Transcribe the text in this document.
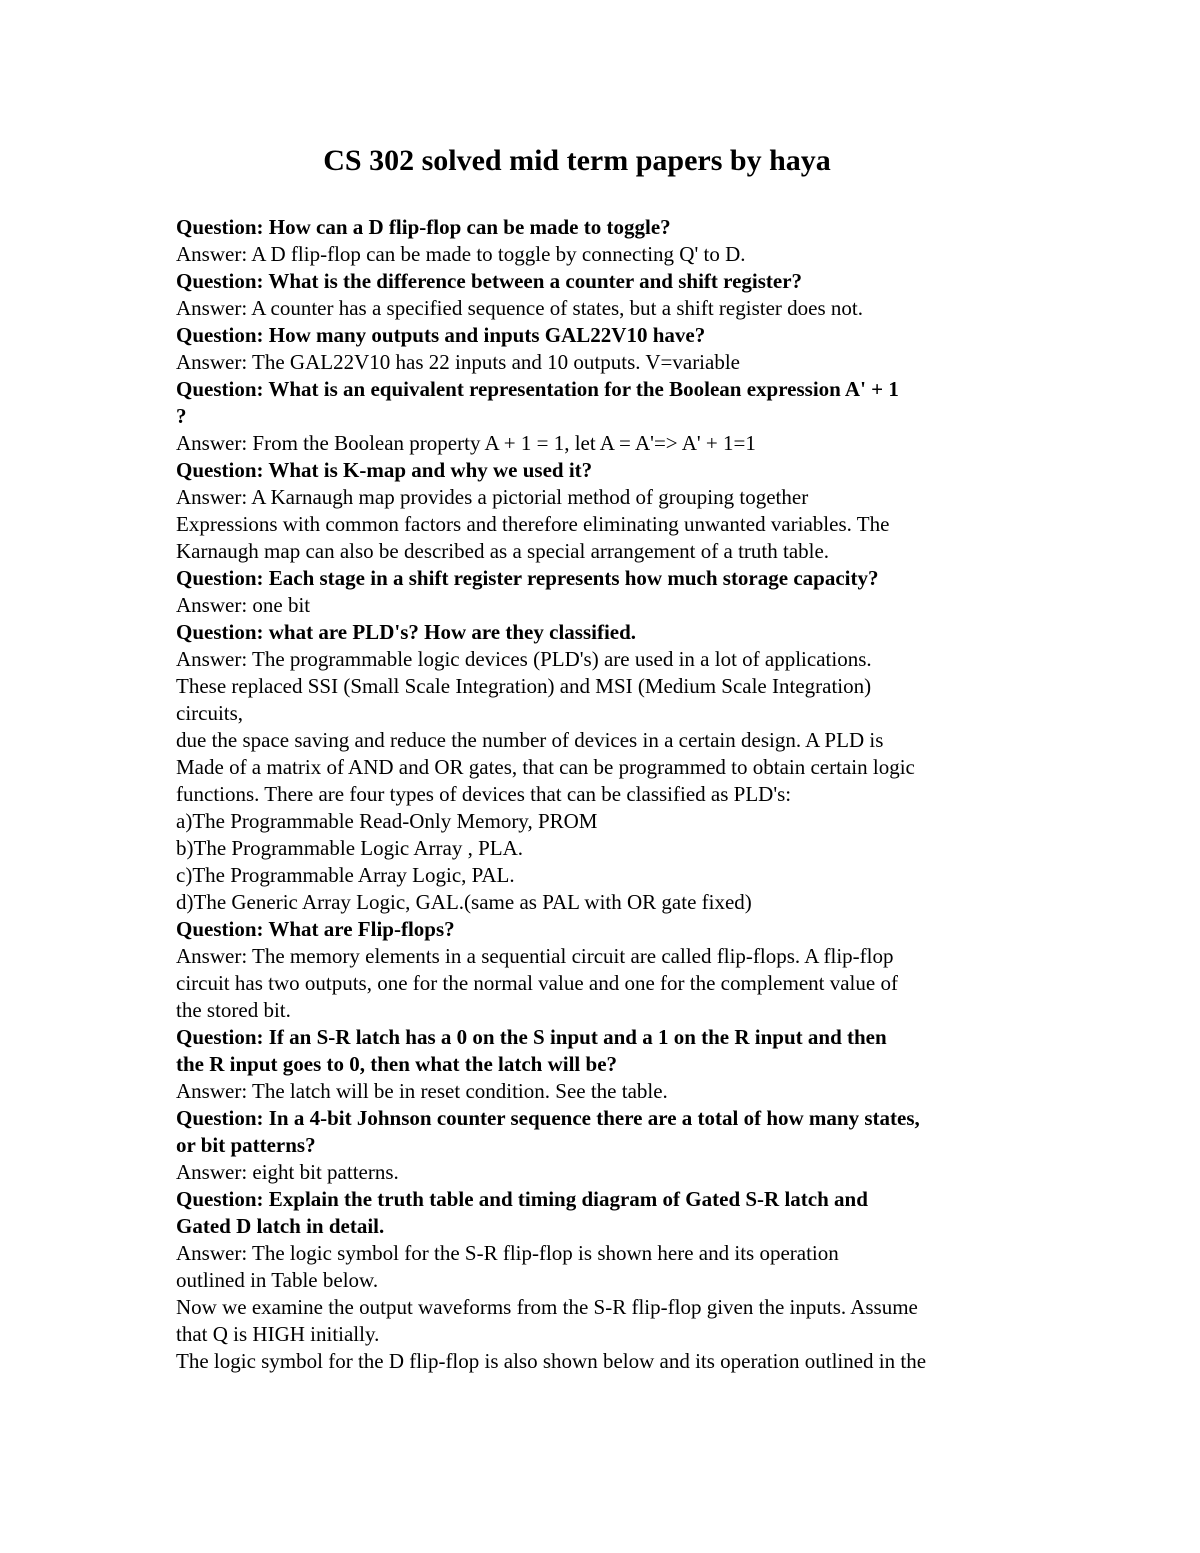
CS 302 solved mid term papers by haya
Question: How can a D flip-flop can be made to toggle?
Answer: A D flip-flop can be made to toggle by connecting Q' to D.
Question: What is the difference between a counter and shift register?
Answer: A counter has a specified sequence of states, but a shift register does not.
Question: How many outputs and inputs GAL22V10 have?
Answer: The GAL22V10 has 22 inputs and 10 outputs. V=variable
Question: What is an equivalent representation for the Boolean expression A' + 1
?
Answer: From the Boolean property A + 1 = 1, let A = A'=> A' + 1=1
Question: What is K-map and why we used it?
Answer: A Karnaugh map provides a pictorial method of grouping together
Expressions with common factors and therefore eliminating unwanted variables. The
Karnaugh map can also be described as a special arrangement of a truth table.
Question: Each stage in a shift register represents how much storage capacity?
Answer: one bit
Question: what are PLD's? How are they classified.
Answer: The programmable logic devices (PLD's) are used in a lot of applications.
These replaced SSI (Small Scale Integration) and MSI (Medium Scale Integration)
circuits,
due the space saving and reduce the number of devices in a certain design. A PLD is
Made of a matrix of AND and OR gates, that can be programmed to obtain certain logic
functions. There are four types of devices that can be classified as PLD's:
a)The Programmable Read-Only Memory, PROM
b)The Programmable Logic Array , PLA.
c)The Programmable Array Logic, PAL.
d)The Generic Array Logic, GAL.(same as PAL with OR gate fixed)
Question: What are Flip-flops?
Answer: The memory elements in a sequential circuit are called flip-flops. A flip-flop
circuit has two outputs, one for the normal value and one for the complement value of
the stored bit.
Question: If an S-R latch has a 0 on the S input and a 1 on the R input and then
the R input goes to 0, then what the latch will be?
Answer: The latch will be in reset condition. See the table.
Question: In a 4-bit Johnson counter sequence there are a total of how many states,
or bit patterns?
Answer: eight bit patterns.
Question: Explain the truth table and timing diagram of Gated S-R latch and
Gated D latch in detail.
Answer: The logic symbol for the S-R flip-flop is shown here and its operation
outlined in Table below.
Now we examine the output waveforms from the S-R flip-flop given the inputs. Assume
that Q is HIGH initially.
The logic symbol for the D flip-flop is also shown below and its operation outlined in the
